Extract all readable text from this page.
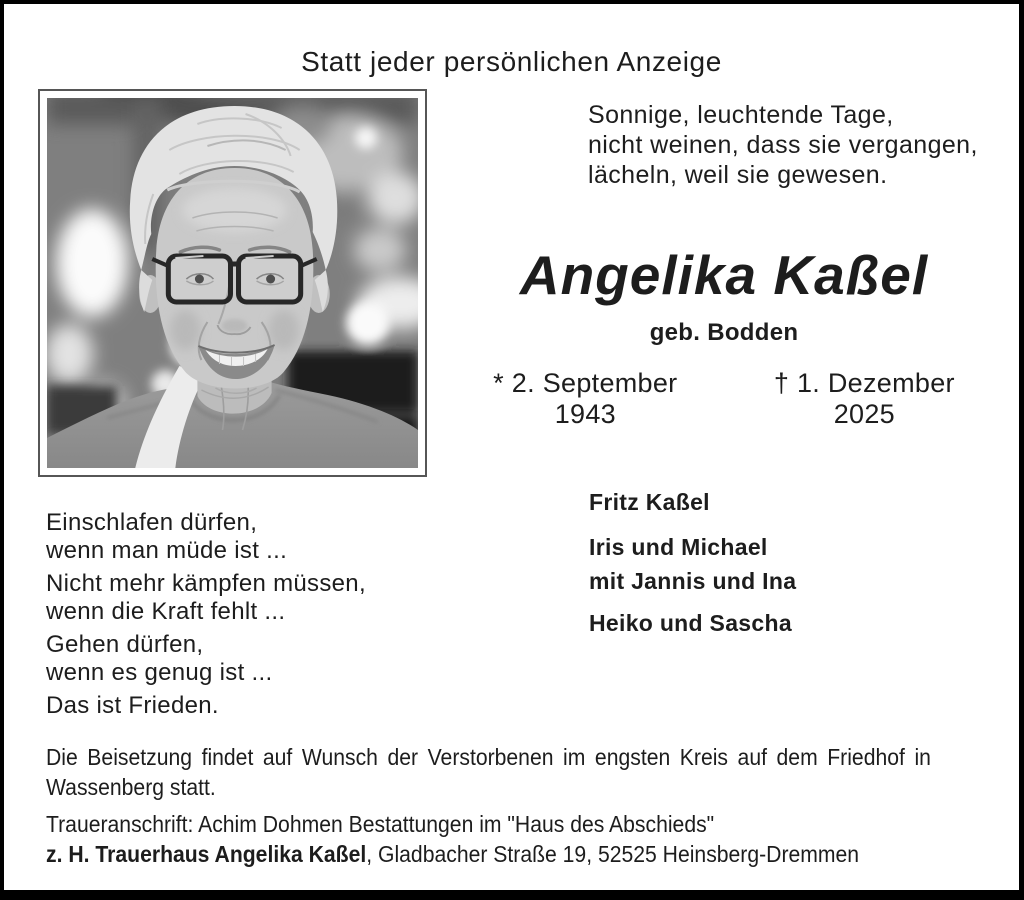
Statt jeder persönlichen Anzeige
Sonnige, leuchtende Tage,
nicht weinen, dass sie vergangen,
lächeln, weil sie gewesen.
Angelika Kaßel
geb. Bodden
* 2. September 1943
† 1. Dezember 2025
Einschlafen dürfen,
wenn man müde ist ...
Nicht mehr kämpfen müssen,
wenn die Kraft fehlt ...
Gehen dürfen,
wenn es genug ist ...
Das ist Frieden.
Fritz Kaßel
Iris und Michael
mit Jannis und Ina
Heiko und Sascha
Die Beisetzung findet auf Wunsch der Verstorbenen im engsten Kreis auf dem Friedhof in
Wassenberg statt.
Traueranschrift: Achim Dohmen Bestattungen im "Haus des Abschieds"
z. H. Trauerhaus Angelika Kaßel, Gladbacher Straße 19, 52525 Heinsberg-Dremmen
